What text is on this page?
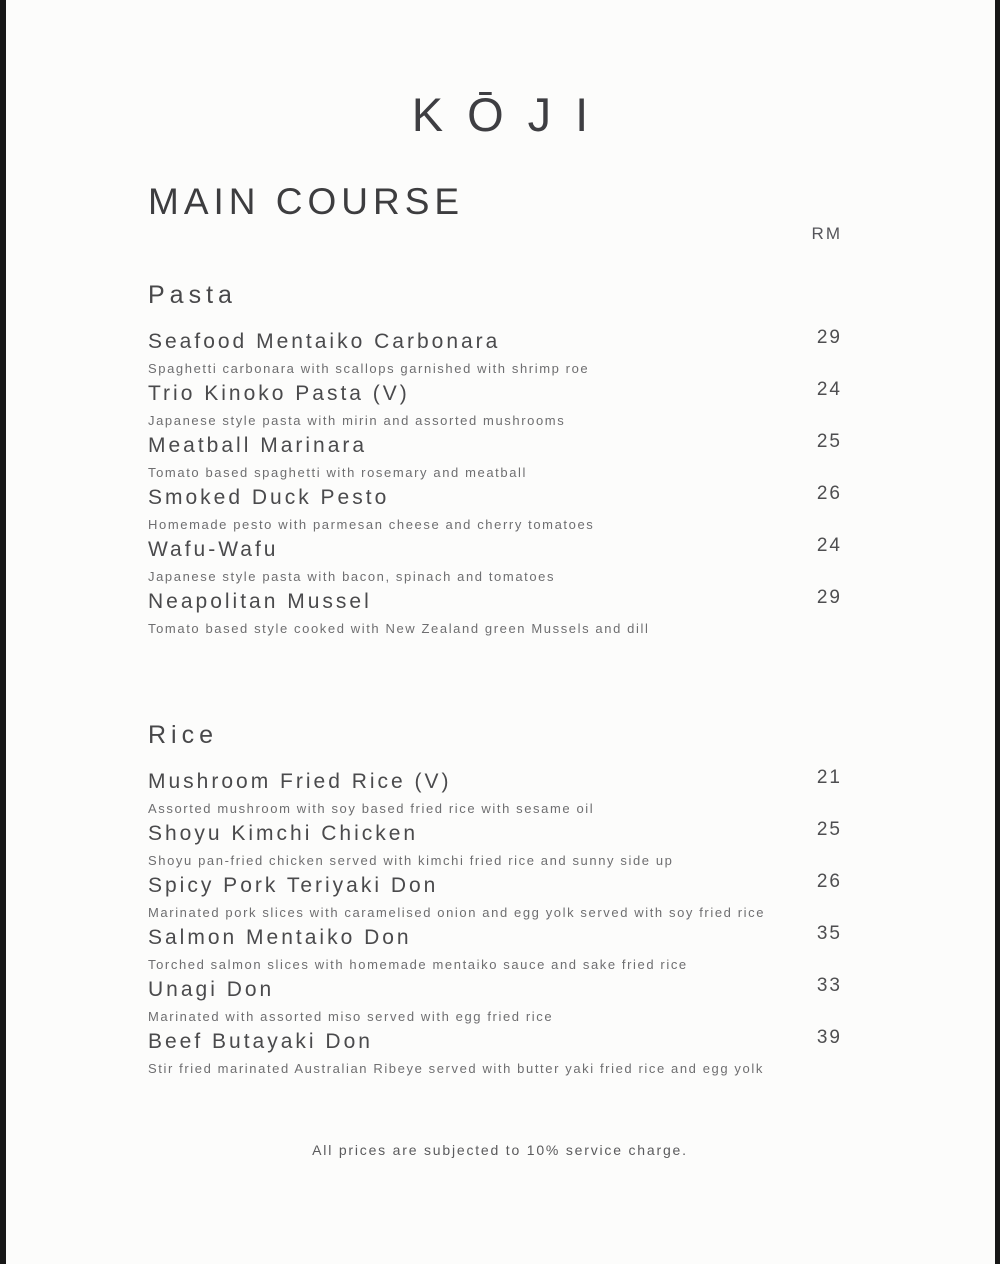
KŌJI
MAIN COURSE
RM
Pasta
Seafood Mentaiko Carbonara
Spaghetti carbonara with scallops garnished with shrimp roe
29
Trio Kinoko Pasta (V)
Japanese style pasta with mirin and assorted mushrooms
24
Meatball Marinara
Tomato based spaghetti with rosemary and meatball
25
Smoked Duck Pesto
Homemade pesto with parmesan cheese and cherry tomatoes
26
Wafu-Wafu
Japanese style pasta with bacon, spinach and tomatoes
24
Neapolitan Mussel
Tomato based style cooked with New Zealand green Mussels and dill
29
Rice
Mushroom Fried Rice (V)
Assorted mushroom with soy based fried rice with sesame oil
21
Shoyu Kimchi Chicken
Shoyu pan-fried chicken served with kimchi fried rice and sunny side up
25
Spicy Pork Teriyaki Don
Marinated pork slices with caramelised onion and egg yolk served with soy fried rice
26
Salmon Mentaiko Don
Torched salmon slices with homemade mentaiko sauce and sake fried rice
35
Unagi Don
Marinated with assorted miso served with egg fried rice
33
Beef Butayaki Don
Stir fried marinated Australian Ribeye served with butter yaki fried rice and egg yolk
39
All prices are subjected to 10% service charge.
